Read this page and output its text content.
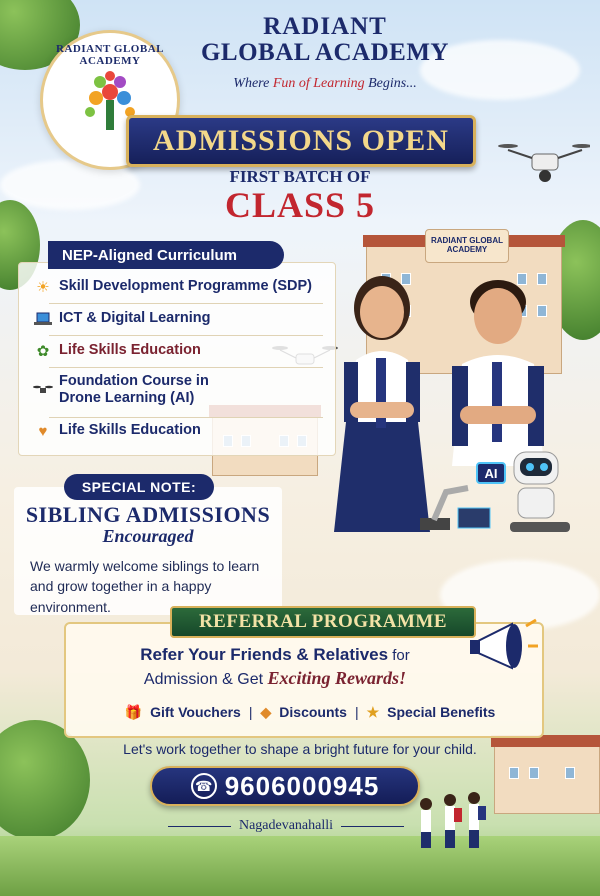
RADIANT GLOBAL ACADEMY
RADIANT GLOBAL ACADEMY
RADIANT
GLOBAL ACADEMY
Where Fun of Learning Begins...
ADMISSIONS OPEN
FIRST BATCH OF
CLASS 5
☀ Skill Development Programme (SDP)
ICT & Digital Learning
✿ Life Skills Education
Foundation Course in Drone Learning (AI)
♥ Life Skills Education
NEP-Aligned Curriculum
AI
SPECIAL NOTE:
SIBLING ADMISSIONS
Encouraged
We warmly welcome siblings to learn and grow together in a happy environment.
REFERRAL PROGRAMME
Refer Your Friends & Relatives for
Admission & Get Exciting Rewards!
🎁 Gift Vouchers | ◆ Discounts | ★ Special Benefits
Let's work together to shape a bright future for your child.
☎ 9606000945
Nagadevanahalli
